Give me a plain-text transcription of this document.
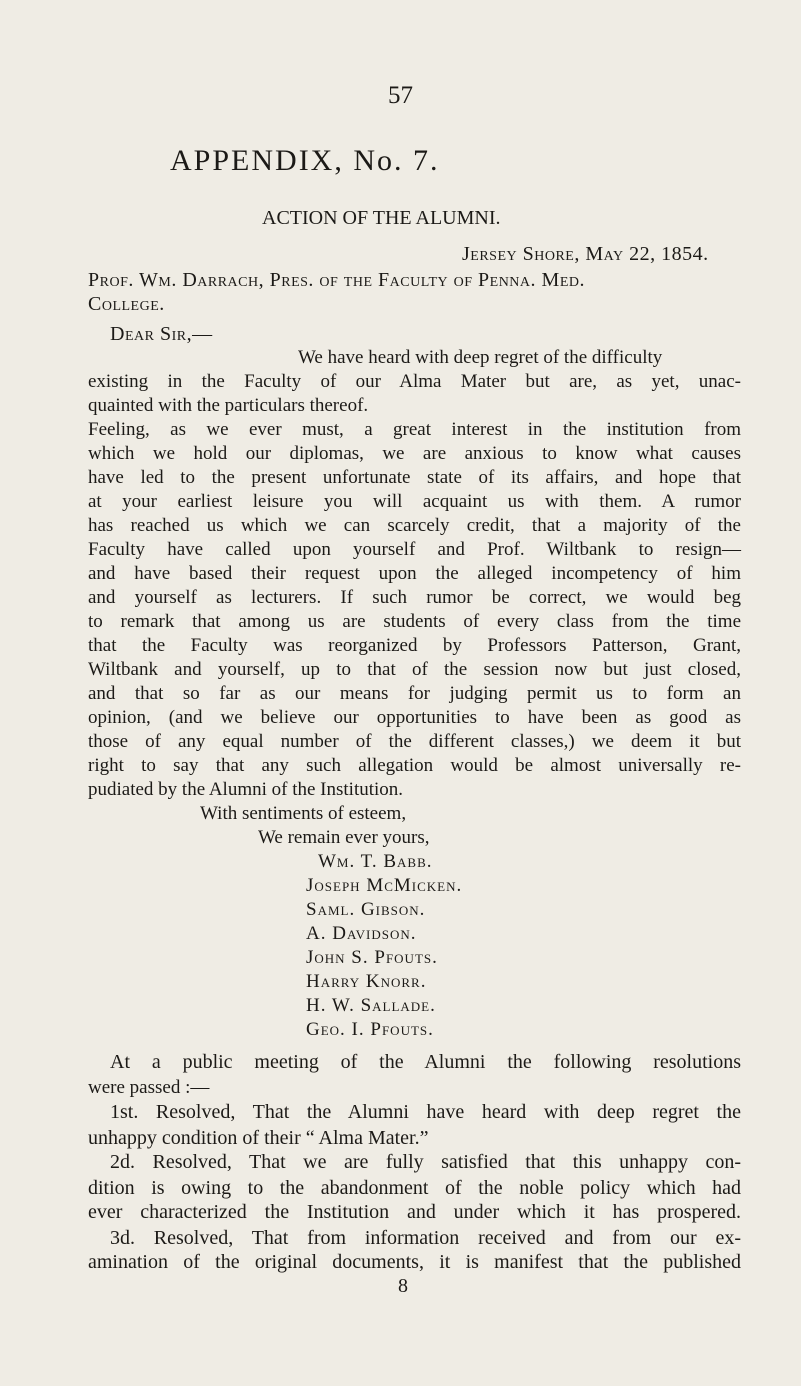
57
APPENDIX, No. 7.
ACTION OF THE ALUMNI.
Jersey Shore, May 22, 1854.
Prof. Wm. Darrach, Pres. of the Faculty of Penna. Med.
College.
Dear Sir,—
We have heard with deep regret of the difficulty
existing in the Faculty of our Alma Mater but are, as yet, unac-
quainted with the particulars thereof.
Feeling, as we ever must, a great interest in the institution from
which we hold our diplomas, we are anxious to know what causes
have led to the present unfortunate state of its affairs, and hope that
at your earliest leisure you will acquaint us with them. A rumor
has reached us which we can scarcely credit, that a majority of the
Faculty have called upon yourself and Prof. Wiltbank to resign—
and have based their request upon the alleged incompetency of him
and yourself as lecturers. If such rumor be correct, we would beg
to remark that among us are students of every class from the time
that the Faculty was reorganized by Professors Patterson, Grant,
Wiltbank and yourself, up to that of the session now but just closed,
and that so far as our means for judging permit us to form an
opinion, (and we believe our opportunities to have been as good as
those of any equal number of the different classes,) we deem it but
right to say that any such allegation would be almost universally re-
pudiated by the Alumni of the Institution.
With sentiments of esteem,
We remain ever yours,
Wm. T. Babb.
Joseph McMicken.
Saml. Gibson.
A. Davidson.
John S. Pfouts.
Harry Knorr.
H. W. Sallade.
Geo. I. Pfouts.
At a public meeting of the Alumni the following resolutions
were passed :—
1st. Resolved, That the Alumni have heard with deep regret the
unhappy condition of their “ Alma Mater.”
2d. Resolved, That we are fully satisfied that this unhappy con-
dition is owing to the abandonment of the noble policy which had
ever characterized the Institution and under which it has prospered.
3d. Resolved, That from information received and from our ex-
amination of the original documents, it is manifest that the published
8
